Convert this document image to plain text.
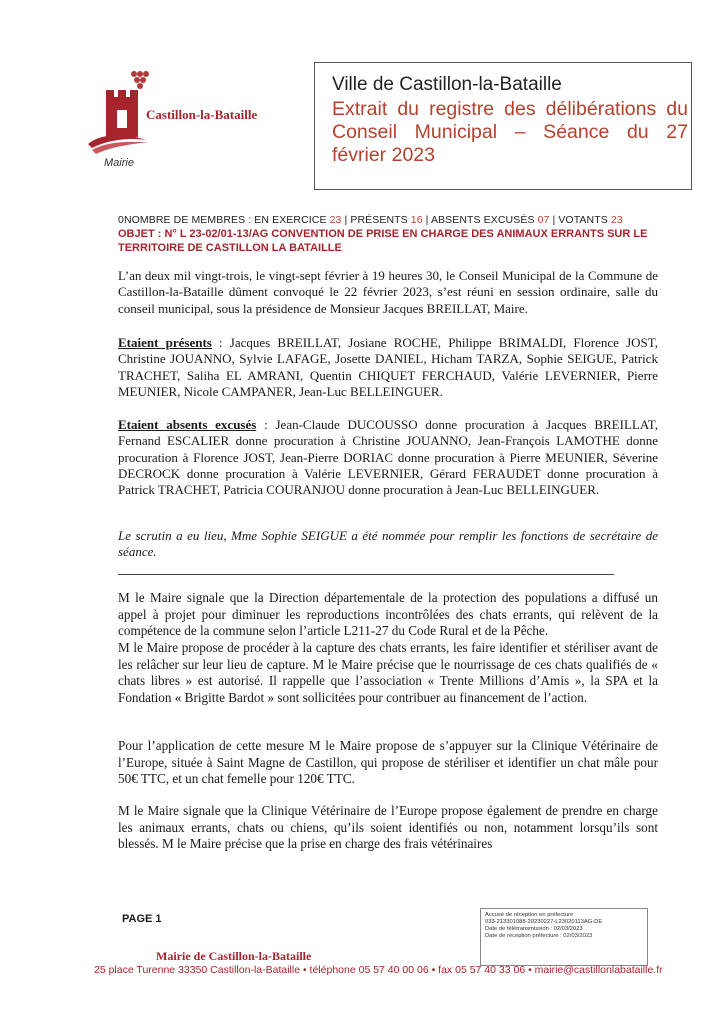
Castillon-la-Bataille
Mairie
Ville de Castillon-la-Bataille
Extrait du registre des délibérations du
Conseil Municipal – Séance du 27
février 2023
0NOMBRE DE MEMBRES : EN EXERCICE 23 | PRÉSENTS 16 | ABSENTS EXCUSÉS 07 | VOTANTS 23
OBJET : N° L 23-02/01-13/AG CONVENTION DE PRISE EN CHARGE DES ANIMAUX ERRANTS SUR LE TERRITOIRE DE CASTILLON LA BATAILLE
L’an deux mil vingt-trois, le vingt-sept février à 19 heures 30, le Conseil Municipal de la Commune de Castillon-la-Bataille dûment convoqué le 22 février 2023, s’est réuni en session ordinaire, salle du conseil municipal, sous la présidence de Monsieur Jacques BREILLAT, Maire.
Etaient présents : Jacques BREILLAT, Josiane ROCHE, Philippe BRIMALDI, Florence JOST, Christine JOUANNO, Sylvie LAFAGE, Josette DANIEL, Hicham TARZA, Sophie SEIGUE, Patrick TRACHET, Saliha EL AMRANI, Quentin CHIQUET FERCHAUD, Valérie LEVERNIER, Pierre MEUNIER, Nicole CAMPANER, Jean-Luc BELLEINGUER.
Etaient absents excusés : Jean-Claude DUCOUSSO donne procuration à Jacques BREILLAT, Fernand ESCALIER donne procuration à Christine JOUANNO, Jean-François LAMOTHE donne procuration à Florence JOST, Jean-Pierre DORIAC donne procuration à Pierre MEUNIER, Séverine DECROCK donne procuration à Valérie LEVERNIER, Gérard FERAUDET donne procuration à Patrick TRACHET, Patricia COURANJOU donne procuration à Jean-Luc BELLEINGUER.
Le scrutin a eu lieu, Mme Sophie SEIGUE a été nommée pour remplir les fonctions de secrétaire de séance.
M le Maire signale que la Direction départementale de la protection des populations a diffusé un appel à projet pour diminuer les reproductions incontrôlées des chats errants, qui relèvent de la compétence de la commune selon l’article L211-27 du Code Rural et de la Pêche.
M le Maire propose de procéder à la capture des chats errants, les faire identifier et stériliser avant de les relâcher sur leur lieu de capture. M le Maire précise que le nourrissage de ces chats qualifiés de « chats libres » est autorisé. Il rappelle que l’association « Trente Millions d’Amis », la SPA et la Fondation « Brigitte Bardot » sont sollicitées pour contribuer au financement de l’action.
Pour l’application de cette mesure M le Maire propose de s’appuyer sur la Clinique Vétérinaire de l’Europe, située à Saint Magne de Castillon, qui propose de stériliser et identifier un chat mâle pour 50€ TTC, et un chat femelle pour 120€ TTC.
M le Maire signale que la Clinique Vétérinaire de l’Europe propose également de prendre en charge les animaux errants, chats ou chiens, qu’ils soient identifiés ou non, notamment lorsqu’ils sont blessés. M le Maire précise que la prise en charge des frais vétérinaires
PAGE 1	Accusé de réception en préfecture
033-213301088-20230227-L23020113AG-DE
Date de télétransmission : 02/03/2023
Date de réception préfecture : 02/03/2023
Mairie de Castillon-la-Bataille
25 place Turenne 33350 Castillon-la-Bataille • téléphone 05 57 40 00 06 • fax 05 57 40 33 06 • mairie@castillonlabataille.fr
